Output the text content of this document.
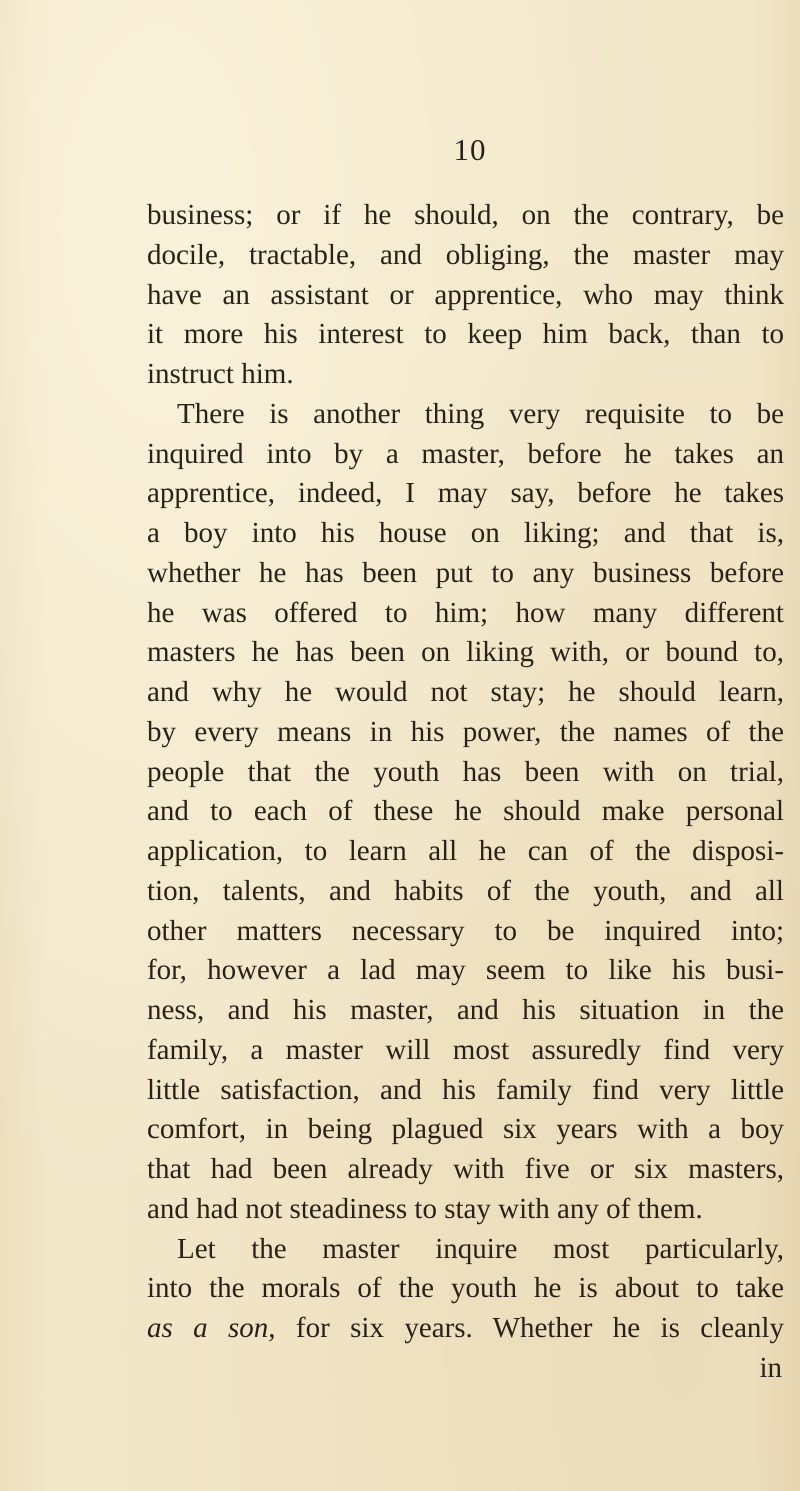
10
business; or if he should, on the contrary, be
docile, tractable, and obliging, the master may
have an assistant or apprentice, who may think
it more his interest to keep him back, than to
instruct him.
There is another thing very requisite to be
inquired into by a master, before he takes an
apprentice, indeed, I may say, before he takes
a boy into his house on liking; and that is,
whether he has been put to any business before
he was offered to him; how many different
masters he has been on liking with, or bound to,
and why he would not stay; he should learn,
by every means in his power, the names of the
people that the youth has been with on trial,
and to each of these he should make personal
application, to learn all he can of the disposi-
tion, talents, and habits of the youth, and all
other matters necessary to be inquired into;
for, however a lad may seem to like his busi-
ness, and his master, and his situation in the
family, a master will most assuredly find very
little satisfaction, and his family find very little
comfort, in being plagued six years with a boy
that had been already with five or six masters,
and had not steadiness to stay with any of them.
Let the master inquire most particularly,
into the morals of the youth he is about to take
as a son, for six years. Whether he is cleanly
in
